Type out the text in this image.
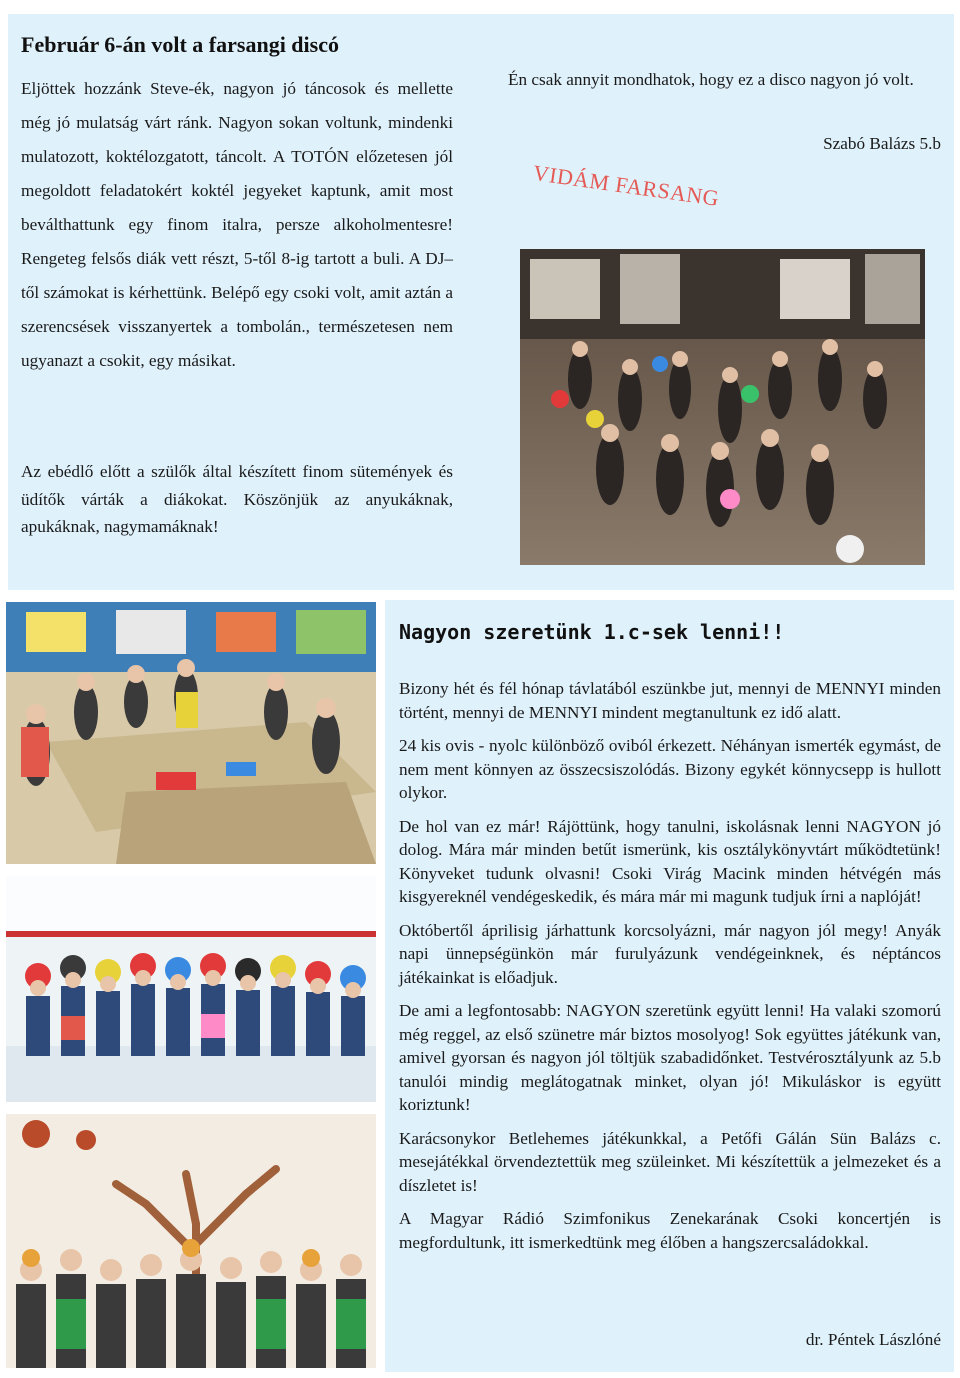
Február 6-án volt a farsangi discó

Eljöttek hozzánk Steve-ék, nagyon jó táncosok és mellette még jó mulatság várt ránk. Nagyon sokan voltunk, mindenki mulatozott, koktélozgatott, táncolt. A TOTÓN előzetesen jól megoldott feladatokért koktél jegyeket kaptunk, amit most beválthattunk egy finom italra, persze alkoholmentesre! Rengeteg felsős diák vett részt, 5-től 8-ig tartott a buli. A DJ–től számokat is kérhettünk. Belépő egy csoki volt, amit aztán a szerencsések visszanyertek a tombolán., természetesen nem ugyanazt a csokit, egy másikat.

Az ebédlő előtt a szülők által készített finom sütemények és üdítők várták a diákokat. Köszönjük az anyukáknak, apukáknak, nagymamáknak!

Én csak annyit mondhatok, hogy ez a disco nagyon jó volt.

Szabó Balázs 5.b

VIDÁM FARSANG

Nagyon szeretünk 1.c-sek lenni!!

Bizony hét és fél hónap távlatából eszünkbe jut, mennyi de MENNYI minden történt, mennyi de MENNYI mindent megtanultunk ez idő alatt.

24 kis ovis - nyolc különböző oviból érkezett. Néhányan ismerték egymást, de nem ment könnyen az összecsiszolódás. Bizony egykét könnycsepp is hullott olykor.

De hol van ez már! Rájöttünk, hogy tanulni, iskolásnak lenni NAGYON jó dolog. Mára már minden betűt ismerünk, kis osztálykönyvtárt működtetünk! Könyveket tudunk olvasni! Csoki Virág Macink minden hétvégén más kisgyereknél vendégeskedik, és mára már mi magunk tudjuk írni a naplóját!

Októbertől áprilisig járhattunk korcsolyázni, már nagyon jól megy! Anyák napi ünnepségünkön már furulyázunk vendégeinknek, és néptáncos játékainkat is előadjuk.

De ami a legfontosabb: NAGYON szeretünk együtt lenni! Ha valaki szomorú még reggel, az első szünetre már biztos mosolyog! Sok együttes játékunk van, amivel gyorsan és nagyon jól töltjük szabadidőnket. Testvérosztályunk az 5.b tanulói mindig meglátogatnak minket, olyan jó! Mikuláskor is együtt koriztunk!

Karácsonykor Betlehemes játékunkkal, a Petőfi Gálán Sün Balázs c. mesejátékkal örvendeztettük meg szüleinket. Mi készítettük a jelmezeket és a díszletet is!

A Magyar Rádió Szimfonikus Zenekarának Csoki koncertjén is megfordultunk, itt ismerkedtünk meg élőben a hangszercsaládokkal.

dr. Péntek Lászlóné
